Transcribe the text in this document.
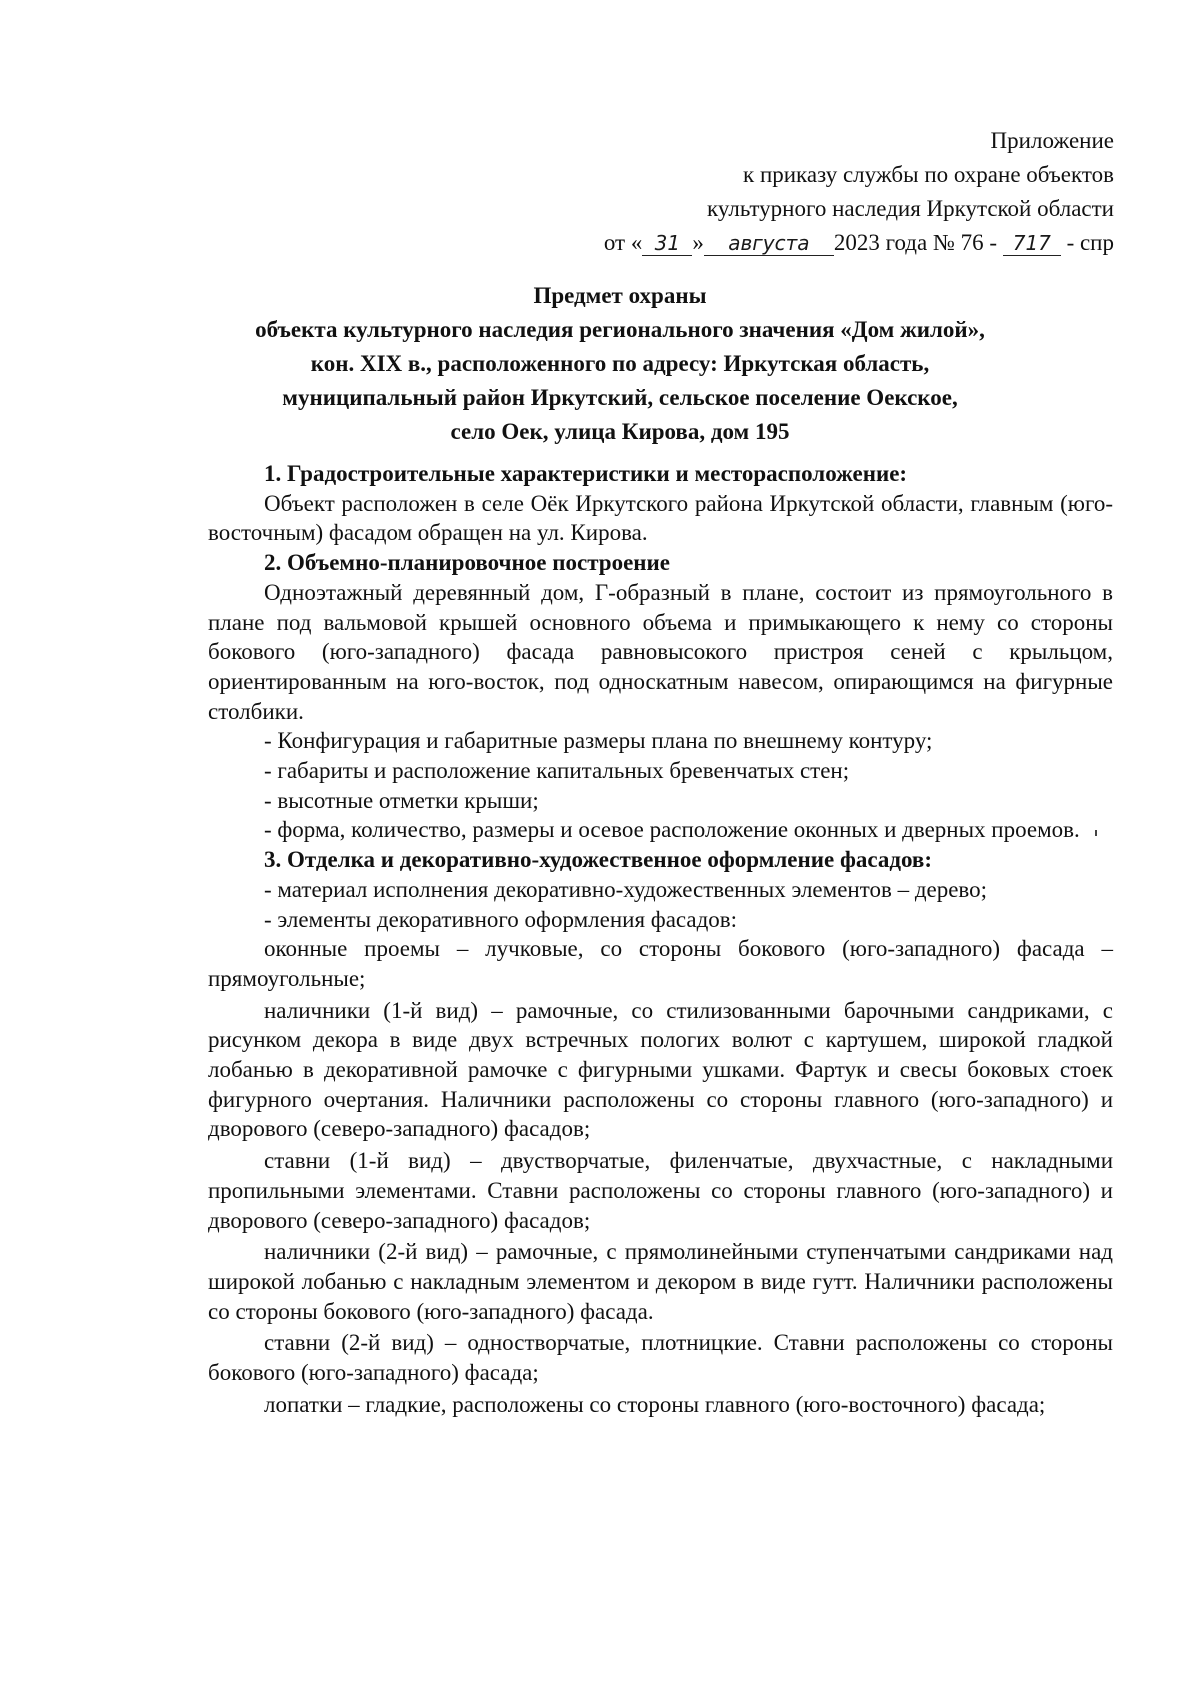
Приложение
к приказу службы по охране объектов
культурного наследия Иркутской области
от « 31 » августа 2023 года № 76 - 717 - спр
Предмет охраны
объекта культурного наследия регионального значения «Дом жилой»,
кон. XIX в., расположенного по адресу: Иркутская область,
муниципальный район Иркутский, сельское поселение Оекское,
село Оек, улица Кирова, дом 195

1. Градостроительные характеристики и месторасположение:

Объект расположен в селе Оёк Иркутского района Иркутской области, главным (юго-восточным) фасадом обращен на ул. Кирова.

2. Объемно-планировочное построение

Одноэтажный деревянный дом, Г-образный в плане, состоит из прямоугольного в плане под вальмовой крышей основного объема и примыкающего к нему со стороны бокового (юго-западного) фасада равновысокого пристроя сеней с крыльцом, ориентированным на юго-восток, под односкатным навесом, опирающимся на фигурные столбики.

- Конфигурация и габаритные размеры плана по внешнему контуру;

- габариты и расположение капитальных бревенчатых стен;

- высотные отметки крыши;

- форма, количество, размеры и осевое расположение оконных и дверных проемов.

3. Отделка и декоративно-художественное оформление фасадов:

- материал исполнения декоративно-художественных элементов – дерево;

- элементы декоративного оформления фасадов:

оконные проемы – лучковые, со стороны бокового (юго-западного) фасада – прямоугольные;

наличники (1-й вид) – рамочные, со стилизованными барочными сандриками, с рисунком декора в виде двух встречных пологих волют с картушем, широкой гладкой лобанью в декоративной рамочке с фигурными ушками. Фартук и свесы боковых стоек фигурного очертания. Наличники расположены со стороны главного (юго-западного) и дворового (северо-западного) фасадов;

ставни (1-й вид) – двустворчатые, филенчатые, двухчастные, с накладными пропильными элементами. Ставни расположены со стороны главного (юго-западного) и дворового (северо-западного) фасадов;

наличники (2-й вид) – рамочные, с прямолинейными ступенчатыми сандриками над широкой лобанью с накладным элементом и декором в виде гутт. Наличники расположены со стороны бокового (юго-западного) фасада.

ставни (2-й вид) – одностворчатые, плотницкие. Ставни расположены со стороны бокового (юго-западного) фасада;

лопатки – гладкие, расположены со стороны главного (юго-восточного) фасада;
